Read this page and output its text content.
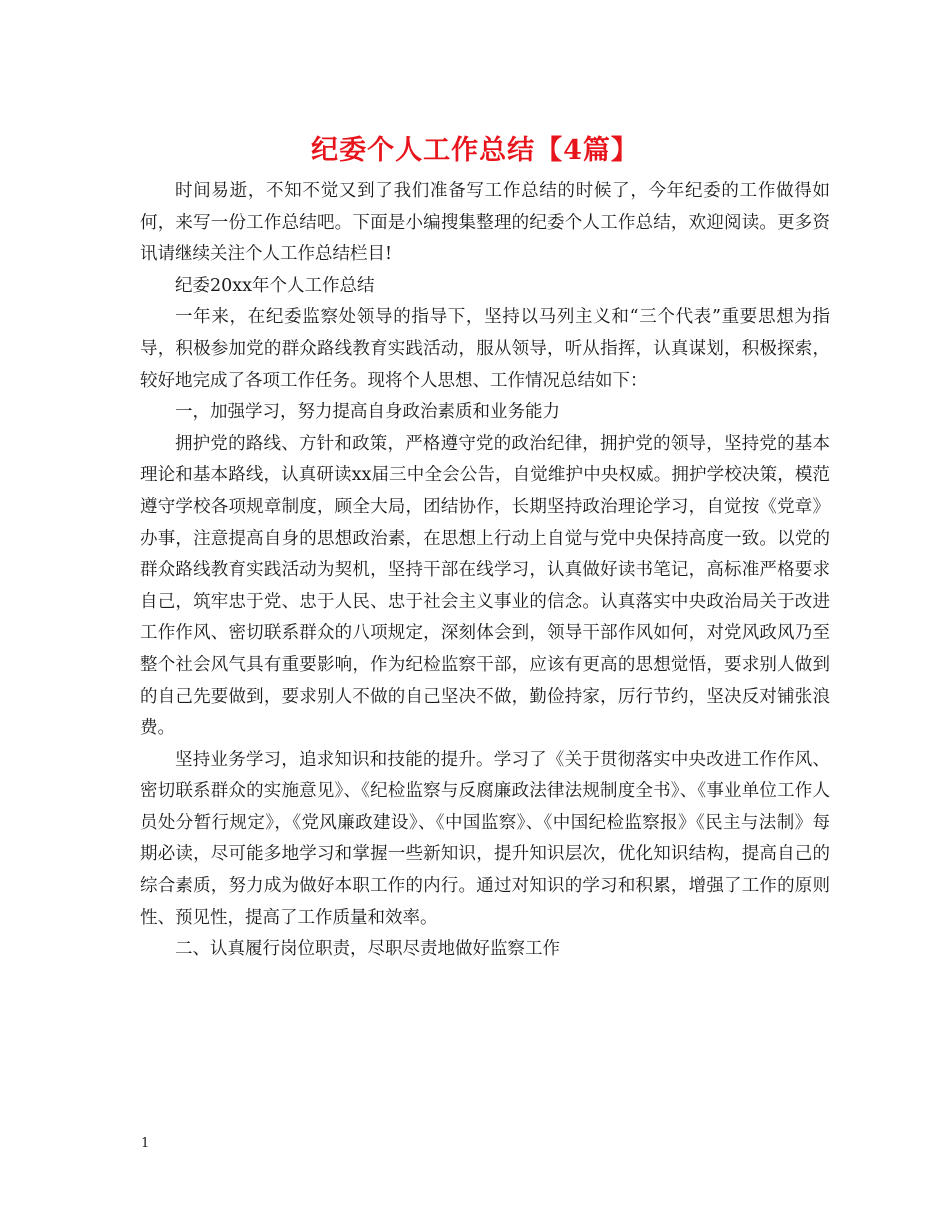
纪委个人工作总结【4篇】

时间易逝，不知不觉又到了我们准备写工作总结的时候了，今年纪委的工作做得如何，来写一份工作总结吧。下面是小编搜集整理的纪委个人工作总结，欢迎阅读。更多资讯请继续关注个人工作总结栏目!

纪委20xx年个人工作总结

一年来，在纪委监察处领导的指导下，坚持以马列主义和“三个代表”重要思想为指导，积极参加党的群众路线教育实践活动，服从领导，听从指挥，认真谋划，积极探索，较好地完成了各项工作任务。现将个人思想、工作情况总结如下：

一，加强学习，努力提高自身政治素质和业务能力

拥护党的路线、方针和政策，严格遵守党的政治纪律，拥护党的领导，坚持党的基本理论和基本路线，认真研读xx届三中全会公告，自觉维护中央权威。拥护学校决策，模范遵守学校各项规章制度，顾全大局，团结协作，长期坚持政治理论学习，自觉按《党章》办事，注意提高自身的思想政治素，在思想上行动上自觉与党中央保持高度一致。以党的群众路线教育实践活动为契机，坚持干部在线学习，认真做好读书笔记，高标准严格要求自己，筑牢忠于党、忠于人民、忠于社会主义事业的信念。认真落实中央政治局关于改进工作作风、密切联系群众的八项规定，深刻体会到，领导干部作风如何，对党风政风乃至整个社会风气具有重要影响，作为纪检监察干部，应该有更高的思想觉悟，要求别人做到的自己先要做到，要求别人不做的自己坚决不做，勤俭持家，厉行节约，坚决反对铺张浪费。

坚持业务学习，追求知识和技能的提升。学习了《关于贯彻落实中央改进工作作风、密切联系群众的实施意见》、《纪检监察与反腐廉政法律法规制度全书》、《事业单位工作人员处分暂行规定》，《党风廉政建设》、《中国监察》、《中国纪检监察报》《民主与法制》每期必读，尽可能多地学习和掌握一些新知识，提升知识层次，优化知识结构，提高自己的综合素质，努力成为做好本职工作的内行。通过对知识的学习和积累，增强了工作的原则性、预见性，提高了工作质量和效率。

二、认真履行岗位职责，尽职尽责地做好监察工作

1
